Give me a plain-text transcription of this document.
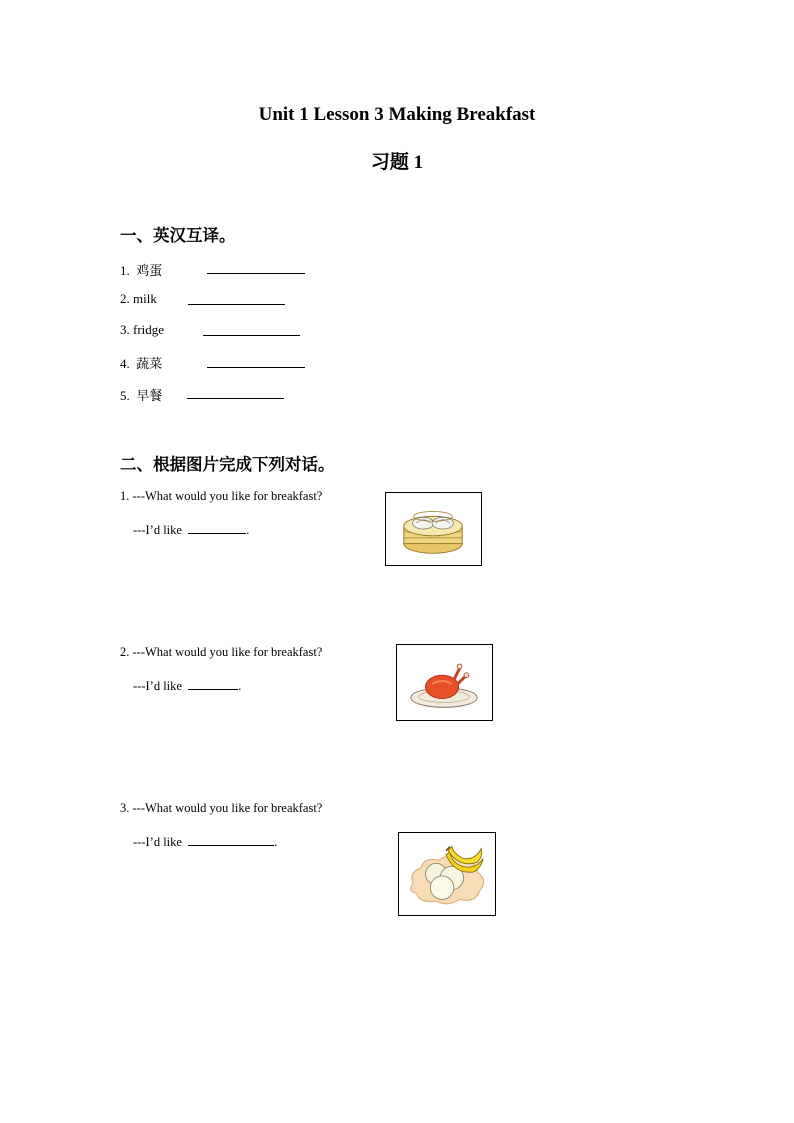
Unit 1 Lesson 3 Making Breakfast
习题 1
一、英汉互译。
1. 鸡蛋
2. milk
3. fridge
4. 蔬菜
5. 早餐
二、根据图片完成下列对话。
1. ---What would you like for breakfast?
---I’d like	.
2. ---What would you like for breakfast?
---I’d like	.
3. ---What would you like for breakfast?
---I’d like	.
